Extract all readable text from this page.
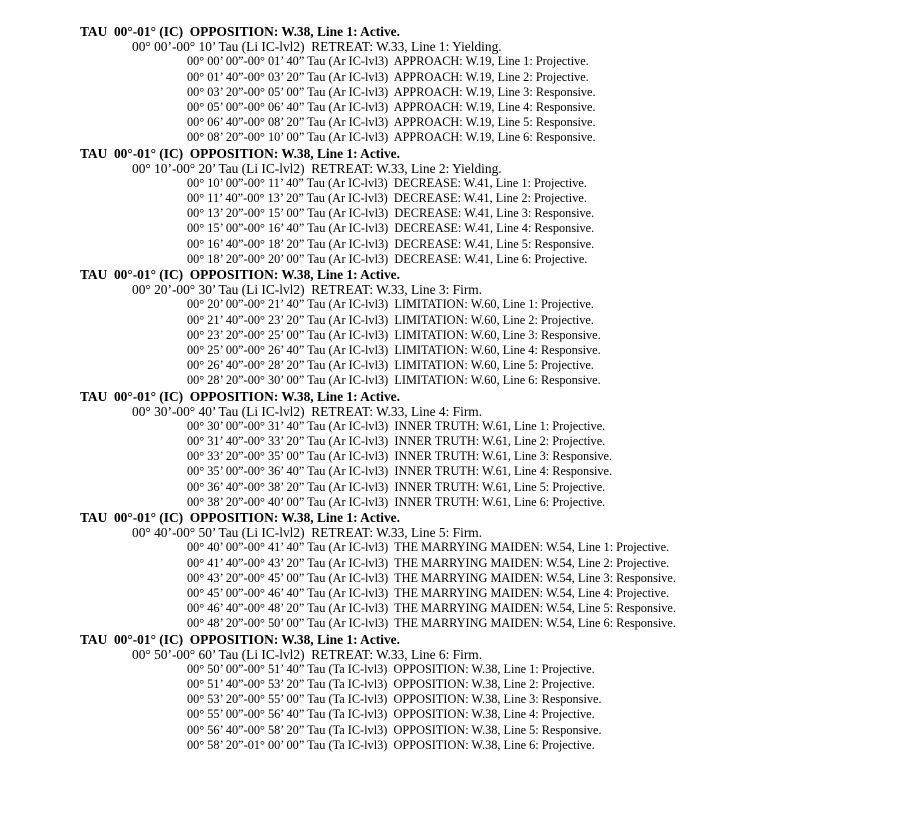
TAU  00°-01° (IC)  OPPOSITION: W.38, Line 1: Active.
00° 00’-00° 10’ Tau (Li IC-lvl2)  RETREAT: W.33, Line 1: Yielding.
00° 00’ 00”-00° 01’ 40” Tau (Ar IC-lvl3)  APPROACH: W.19, Line 1: Projective.
00° 01’ 40”-00° 03’ 20” Tau (Ar IC-lvl3)  APPROACH: W.19, Line 2: Projective.
00° 03’ 20”-00° 05’ 00” Tau (Ar IC-lvl3)  APPROACH: W.19, Line 3: Responsive.
00° 05’ 00”-00° 06’ 40” Tau (Ar IC-lvl3)  APPROACH: W.19, Line 4: Responsive.
00° 06’ 40”-00° 08’ 20” Tau (Ar IC-lvl3)  APPROACH: W.19, Line 5: Responsive.
00° 08’ 20”-00° 10’ 00” Tau (Ar IC-lvl3)  APPROACH: W.19, Line 6: Responsive.
TAU  00°-01° (IC)  OPPOSITION: W.38, Line 1: Active.
00° 10’-00° 20’ Tau (Li IC-lvl2)  RETREAT: W.33, Line 2: Yielding.
00° 10’ 00”-00° 11’ 40” Tau (Ar IC-lvl3)  DECREASE: W.41, Line 1: Projective.
00° 11’ 40”-00° 13’ 20” Tau (Ar IC-lvl3)  DECREASE: W.41, Line 2: Projective.
00° 13’ 20”-00° 15’ 00” Tau (Ar IC-lvl3)  DECREASE: W.41, Line 3: Responsive.
00° 15’ 00”-00° 16’ 40” Tau (Ar IC-lvl3)  DECREASE: W.41, Line 4: Responsive.
00° 16’ 40”-00° 18’ 20” Tau (Ar IC-lvl3)  DECREASE: W.41, Line 5: Responsive.
00° 18’ 20”-00° 20’ 00” Tau (Ar IC-lvl3)  DECREASE: W.41, Line 6: Projective.
TAU  00°-01° (IC)  OPPOSITION: W.38, Line 1: Active.
00° 20’-00° 30’ Tau (Li IC-lvl2)  RETREAT: W.33, Line 3: Firm.
00° 20’ 00”-00° 21’ 40” Tau (Ar IC-lvl3)  LIMITATION: W.60, Line 1: Projective.
00° 21’ 40”-00° 23’ 20” Tau (Ar IC-lvl3)  LIMITATION: W.60, Line 2: Projective.
00° 23’ 20”-00° 25’ 00” Tau (Ar IC-lvl3)  LIMITATION: W.60, Line 3: Responsive.
00° 25’ 00”-00° 26’ 40” Tau (Ar IC-lvl3)  LIMITATION: W.60, Line 4: Responsive.
00° 26’ 40”-00° 28’ 20” Tau (Ar IC-lvl3)  LIMITATION: W.60, Line 5: Projective.
00° 28’ 20”-00° 30’ 00” Tau (Ar IC-lvl3)  LIMITATION: W.60, Line 6: Responsive.
TAU  00°-01° (IC)  OPPOSITION: W.38, Line 1: Active.
00° 30’-00° 40’ Tau (Li IC-lvl2)  RETREAT: W.33, Line 4: Firm.
00° 30’ 00”-00° 31’ 40” Tau (Ar IC-lvl3)  INNER TRUTH: W.61, Line 1: Projective.
00° 31’ 40”-00° 33’ 20” Tau (Ar IC-lvl3)  INNER TRUTH: W.61, Line 2: Projective.
00° 33’ 20”-00° 35’ 00” Tau (Ar IC-lvl3)  INNER TRUTH: W.61, Line 3: Responsive.
00° 35’ 00”-00° 36’ 40” Tau (Ar IC-lvl3)  INNER TRUTH: W.61, Line 4: Responsive.
00° 36’ 40”-00° 38’ 20” Tau (Ar IC-lvl3)  INNER TRUTH: W.61, Line 5: Projective.
00° 38’ 20”-00° 40’ 00” Tau (Ar IC-lvl3)  INNER TRUTH: W.61, Line 6: Projective.
TAU  00°-01° (IC)  OPPOSITION: W.38, Line 1: Active.
00° 40’-00° 50’ Tau (Li IC-lvl2)  RETREAT: W.33, Line 5: Firm.
00° 40’ 00”-00° 41’ 40” Tau (Ar IC-lvl3)  THE MARRYING MAIDEN: W.54, Line 1: Projective.
00° 41’ 40”-00° 43’ 20” Tau (Ar IC-lvl3)  THE MARRYING MAIDEN: W.54, Line 2: Projective.
00° 43’ 20”-00° 45’ 00” Tau (Ar IC-lvl3)  THE MARRYING MAIDEN: W.54, Line 3: Responsive.
00° 45’ 00”-00° 46’ 40” Tau (Ar IC-lvl3)  THE MARRYING MAIDEN: W.54, Line 4: Projective.
00° 46’ 40”-00° 48’ 20” Tau (Ar IC-lvl3)  THE MARRYING MAIDEN: W.54, Line 5: Responsive.
00° 48’ 20”-00° 50’ 00” Tau (Ar IC-lvl3)  THE MARRYING MAIDEN: W.54, Line 6: Responsive.
TAU  00°-01° (IC)  OPPOSITION: W.38, Line 1: Active.
00° 50’-00° 60’ Tau (Li IC-lvl2)  RETREAT: W.33, Line 6: Firm.
00° 50’ 00”-00° 51’ 40” Tau (Ta IC-lvl3)  OPPOSITION: W.38, Line 1: Projective.
00° 51’ 40”-00° 53’ 20” Tau (Ta IC-lvl3)  OPPOSITION: W.38, Line 2: Projective.
00° 53’ 20”-00° 55’ 00” Tau (Ta IC-lvl3)  OPPOSITION: W.38, Line 3: Responsive.
00° 55’ 00”-00° 56’ 40” Tau (Ta IC-lvl3)  OPPOSITION: W.38, Line 4: Projective.
00° 56’ 40”-00° 58’ 20” Tau (Ta IC-lvl3)  OPPOSITION: W.38, Line 5: Responsive.
00° 58’ 20”-01° 00’ 00” Tau (Ta IC-lvl3)  OPPOSITION: W.38, Line 6: Projective.
